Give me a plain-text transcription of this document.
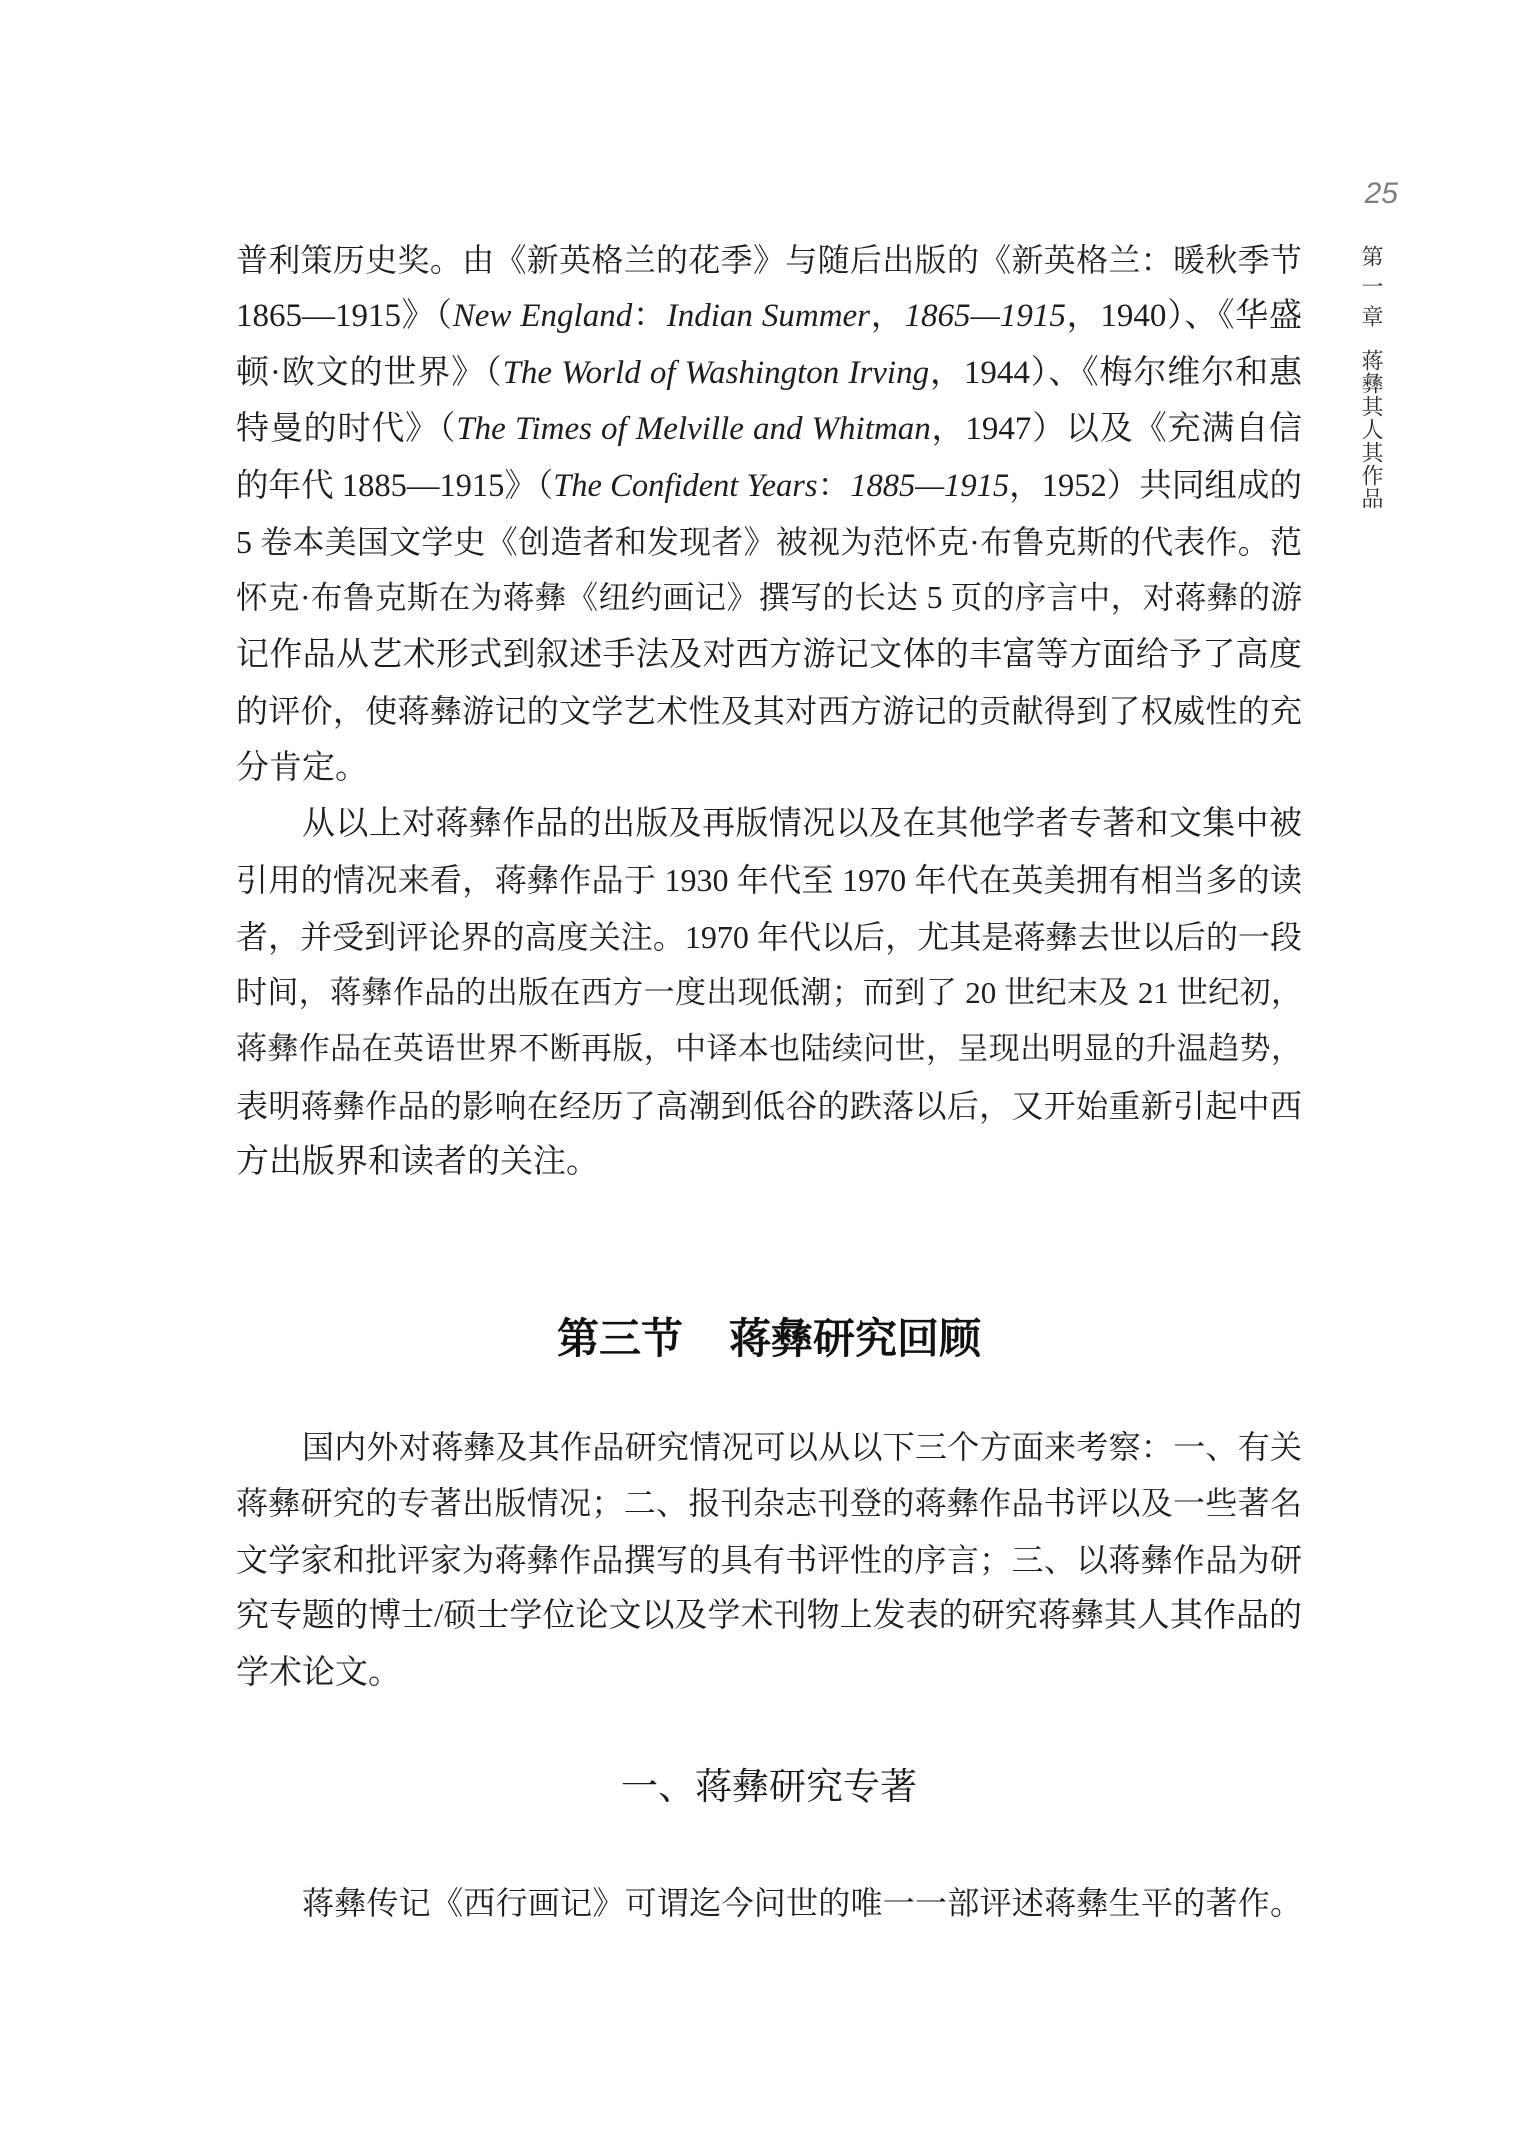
25
第一章蒋彝其人其作品
普利策历史奖。由《新英格兰的花季》与随后出版的《新英格兰：暖秋季节
1865—1915》（New England：Indian Summer，1865—1915，1940）、《华盛
顿·欧文的世界》（The World of Washington Irving，1944）、《梅尔维尔和惠
特曼的时代》（The Times of Melville and Whitman，1947）以及《充满自信
的年代 1885—1915》（The Confident Years：1885—1915，1952）共同组成的
5 卷本美国文学史《创造者和发现者》被视为范怀克·布鲁克斯的代表作。范
怀克·布鲁克斯在为蒋彝《纽约画记》撰写的长达 5 页的序言中，对蒋彝的游
记作品从艺术形式到叙述手法及对西方游记文体的丰富等方面给予了高度
的评价，使蒋彝游记的文学艺术性及其对西方游记的贡献得到了权威性的充
分肯定。
从以上对蒋彝作品的出版及再版情况以及在其他学者专著和文集中被
引用的情况来看，蒋彝作品于 1930 年代至 1970 年代在英美拥有相当多的读
者，并受到评论界的高度关注。1970 年代以后，尤其是蒋彝去世以后的一段
时间，蒋彝作品的出版在西方一度出现低潮；而到了 20 世纪末及 21 世纪初，
蒋彝作品在英语世界不断再版，中译本也陆续问世，呈现出明显的升温趋势，
表明蒋彝作品的影响在经历了高潮到低谷的跌落以后，又开始重新引起中西
方出版界和读者的关注。
第三节 蒋彝研究回顾
国内外对蒋彝及其作品研究情况可以从以下三个方面来考察：一、有关
蒋彝研究的专著出版情况；二、报刊杂志刊登的蒋彝作品书评以及一些著名
文学家和批评家为蒋彝作品撰写的具有书评性的序言；三、以蒋彝作品为研
究专题的博士/硕士学位论文以及学术刊物上发表的研究蒋彝其人其作品的
学术论文。
一、蒋彝研究专著
蒋彝传记《西行画记》可谓迄今问世的唯一一部评述蒋彝生平的著作。
